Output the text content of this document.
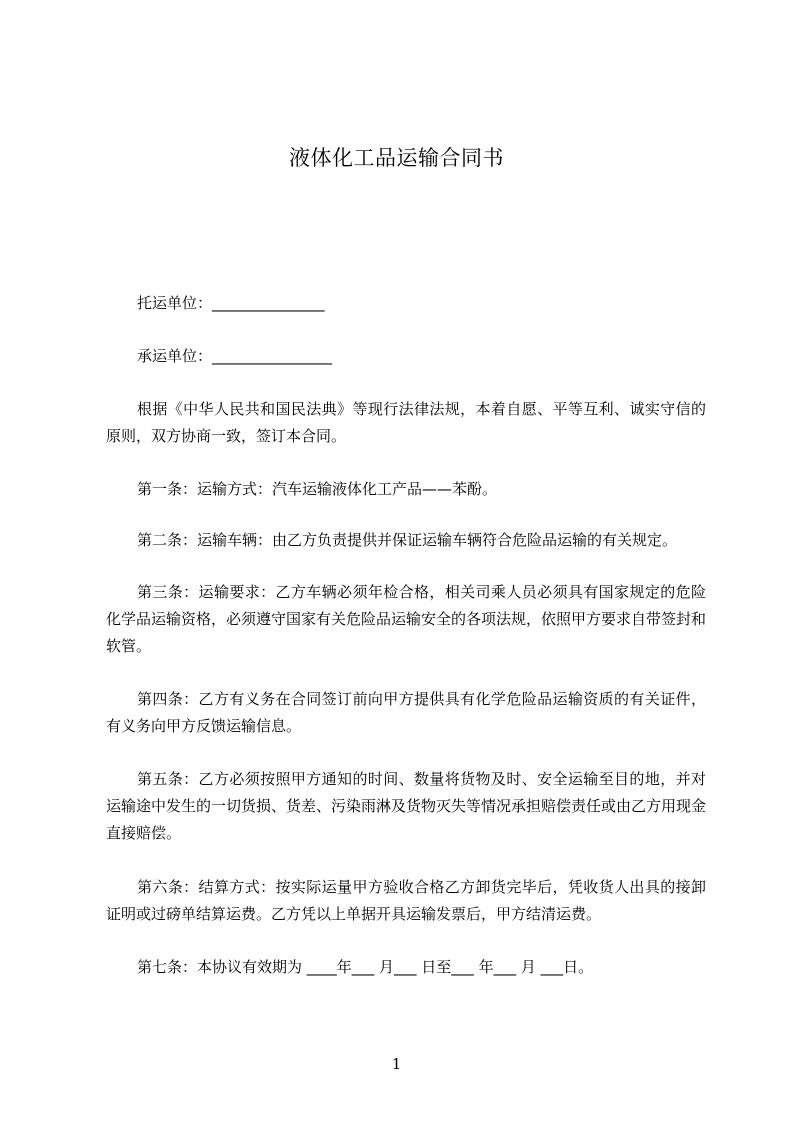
液体化工品运输合同书
托运单位：_______________
承运单位：________________
根据《中华人民共和国民法典》等现行法律法规，本着自愿、平等互利、诚实守信的原则，双方协商一致，签订本合同。
第一条：运输方式：汽车运输液体化工产品——苯酚。
第二条：运输车辆：由乙方负责提供并保证运输车辆符合危险品运输的有关规定。
第三条：运输要求：乙方车辆必须年检合格，相关司乘人员必须具有国家规定的危险化学品运输资格，必须遵守国家有关危险品运输安全的各项法规，依照甲方要求自带签封和软管。
第四条：乙方有义务在合同签订前向甲方提供具有化学危险品运输资质的有关证件，有义务向甲方反馈运输信息。
第五条：乙方必须按照甲方通知的时间、数量将货物及时、安全运输至目的地，并对运输途中发生的一切货损、货差、污染雨淋及货物灭失等情况承担赔偿责任或由乙方用现金直接赔偿。
第六条：结算方式：按实际运量甲方验收合格乙方卸货完毕后，凭收货人出具的接卸证明或过磅单结算运费。乙方凭以上单据开具运输发票后，甲方结清运费。
第七条：本协议有效期为 ____年___ 月___ 日至___ 年___ 月 ___日。
1
